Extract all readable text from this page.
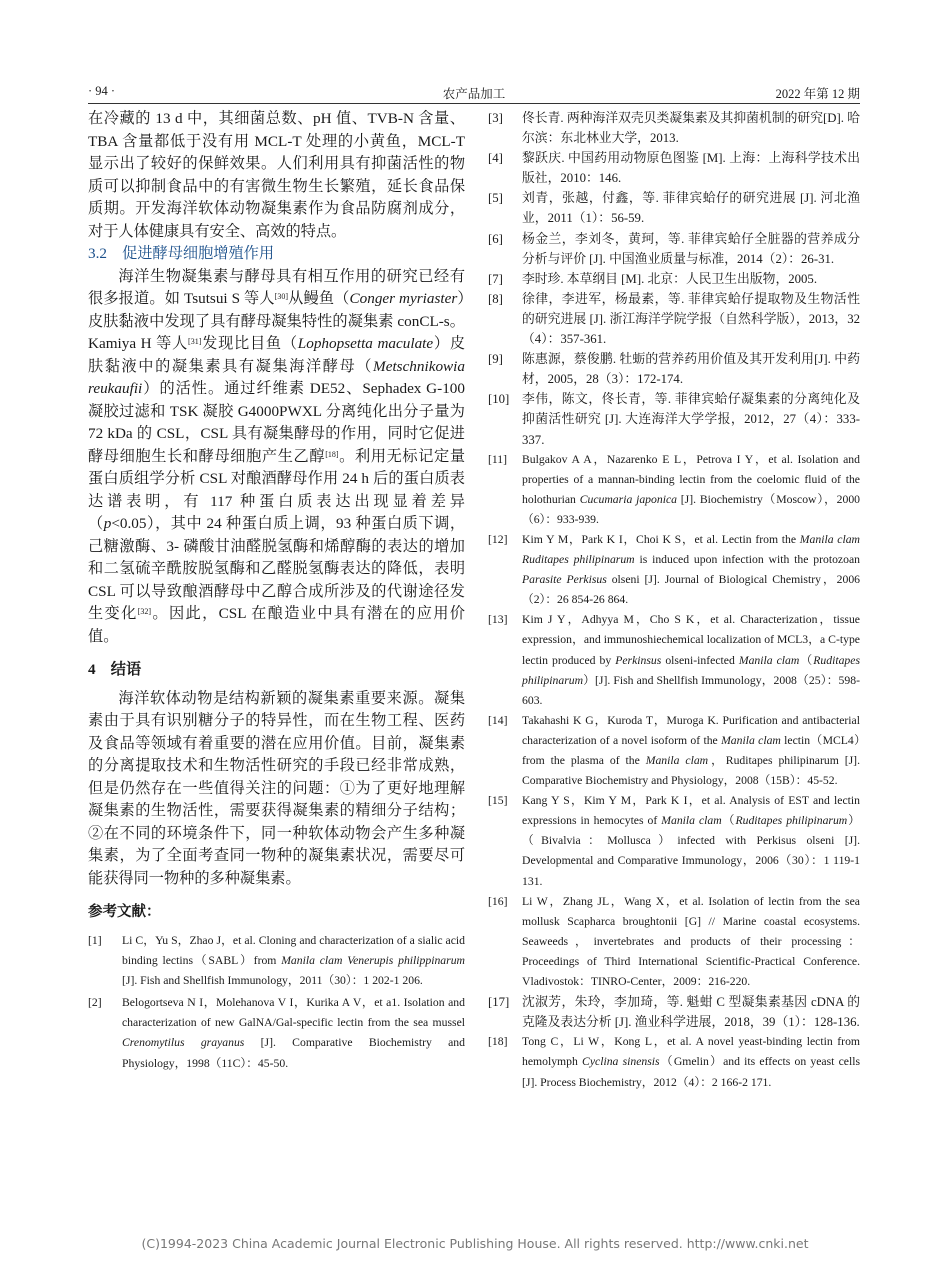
· 94 ·	农产品加工	2022 年第 12 期

在冷藏的 13 d 中，其细菌总数、pH 值、TVB-N 含量、TBA 含量都低于没有用 MCL-T 处理的小黄鱼，MCL-T 显示出了较好的保鲜效果。人们利用具有抑菌活性的物质可以抑制食品中的有害微生物生长繁殖，延长食品保质期。开发海洋软体动物凝集素作为食品防腐剂成分，对于人体健康具有安全、高效的特点。

3.2　促进酵母细胞增殖作用

海洋生物凝集素与酵母具有相互作用的研究已经有很多报道。如 Tsutsui S 等人[30]从鳗鱼（Conger myriaster）皮肤黏液中发现了具有酵母凝集特性的凝集素 conCL-s。Kamiya H 等人[31]发现比目鱼（Lophopsetta maculate）皮肤黏液中的凝集素具有凝集海洋酵母（Metschnikowia reukaufii）的活性。通过纤维素 DE52、Sephadex G-100 凝胶过滤和 TSK 凝胶 G4000PWXL 分离纯化出分子量为 72 kDa 的 CSL，CSL 具有凝集酵母的作用，同时它促进酵母细胞生长和酵母细胞产生乙醇[18]。利用无标记定量蛋白质组学分析 CSL 对酿酒酵母作用 24 h 后的蛋白质表达谱表明，有 117 种蛋白质表达出现显着差异（p<0.05），其中 24 种蛋白质上调，93 种蛋白质下调，己糖激酶、3- 磷酸甘油醛脱氢酶和烯醇酶的表达的增加和二氢硫辛酰胺脱氢酶和乙醛脱氢酶表达的降低，表明 CSL 可以导致酿酒酵母中乙醇合成所涉及的代谢途径发生变化[32]。因此，CSL 在酿造业中具有潜在的应用价值。

4　结语

海洋软体动物是结构新颖的凝集素重要来源。凝集素由于具有识别糖分子的特异性，而在生物工程、医药及食品等领域有着重要的潜在应用价值。目前，凝集素的分离提取技术和生物活性研究的手段已经非常成熟，但是仍然存在一些值得关注的问题：①为了更好地理解凝集素的生物活性，需要获得凝集素的精细分子结构；②在不同的环境条件下，同一种软体动物会产生多种凝集素，为了全面考查同一物种的凝集素状况，需要尽可能获得同一物种的多种凝集素。

参考文献：

[1]	Li C，Yu S，Zhao J，et al. Cloning and characterization of a sialic acid binding lectins（SABL）from Manila clam Venerupis philippinarum [J]. Fish and Shellfish Immunology，2011（30）：1 202-1 206.
[2]	Belogortseva N I，Molehanova V I，Kurika A V，et a1. Isolation and characterization of new GalNA/Gal-specific lectin from the sea mussel Crenomytilus grayanus [J]. Comparative Biochemistry and Physiology，1998（11C）：45-50.
[3]	佟长青. 两种海洋双壳贝类凝集素及其抑菌机制的研究[D]. 哈尔滨：东北林业大学，2013.
[4]	黎跃庆. 中国药用动物原色图鉴 [M]. 上海：上海科学技术出版社，2010：146.
[5]	刘青，张越，付鑫，等. 菲律宾蛤仔的研究进展 [J]. 河北渔业，2011（1）：56-59.
[6]	杨金兰，李刘冬，黄珂，等. 菲律宾蛤仔全脏器的营养成分分析与评价 [J]. 中国渔业质量与标准，2014（2）：26-31.
[7]	李时珍. 本草纲目 [M]. 北京：人民卫生出版物，2005.
[8]	徐律，李进军，杨最素，等. 菲律宾蛤仔提取物及生物活性的研究进展 [J]. 浙江海洋学院学报（自然科学版），2013，32（4）：357-361.
[9]	陈惠源，蔡俊鹏. 牡蛎的营养药用价值及其开发利用[J]. 中药材，2005，28（3）：172-174.
[10] 李伟，陈文，佟长青，等. 菲律宾蛤仔凝集素的分离纯化及抑菌活性研究 [J]. 大连海洋大学学报，2012，27（4）：333-337.
[11]	Bulgakov A A，Nazarenko E L，Petrova I Y，et al. Isolation and properties of a mannan-binding lectin from the coelomic fluid of the holothurian Cucumaria japonica [J]. Biochemistry（Moscow），2000（6）：933-939.
[12]	Kim Y M，Park K I，Choi K S，et al. Lectin from the Manila clam Ruditapes philipinarum is induced upon infection with the protozoan Parasite Perkisus olseni [J]. Journal of Biological Chemistry，2006（2）：26 854-26 864.
[13]	Kim J Y，Adhyya M，Cho S K，et al. Characterization，tissue expression，and immunoshiechemical localization of MCL3，a C-type lectin produced by Perkinsus olseni-infected Manila clam（Ruditapes philipinarum）[J]. Fish and Shellfish Immunology，2008（25）：598-603.
[14]	Takahashi K G，Kuroda T，Muroga K. Purification and antibacterial characterization of a novel isoform of the Manila clam lectin（MCL4）from the plasma of the Manila clam，Ruditapes philipinarum [J]. Comparative Biochemistry and Physiology，2008（15B）：45-52.
[15]	Kang Y S，Kim Y M，Park K I，et al. Analysis of EST and lectin expressions in hemocytes of Manila clam（Ruditapes philipinarum）（Bivalvia：Mollusca）infected with Perkisus olseni [J]. Developmental and Comparative Immunology，2006（30）：1 119-1 131.
[16]	Li W，Zhang JL，Wang X，et al. Isolation of lectin from the sea mollusk Scapharca broughtonii [G] // Marine coastal ecosystems. Seaweeds，invertebrates and products of their processing：Proceedings of Third International Scientific-Practical Conference. Vladivostok：TINRO-Center，2009：216-220.
[17] 沈淑芳，朱玲，李加琦，等. 魁蚶 C 型凝集素基因 cDNA 的克隆及表达分析 [J]. 渔业科学进展，2018，39（1）：128-136.
[18]	Tong C，Li W，Kong L，et al. A novel yeast-binding lectin from hemolymph Cyclina sinensis（Gmelin）and its effects on yeast cells [J]. Process Biochemistry，2012（4）：2 166-2 171.
(C)1994-2023 China Academic Journal Electronic Publishing House. All rights reserved. http://www.cnki.net
